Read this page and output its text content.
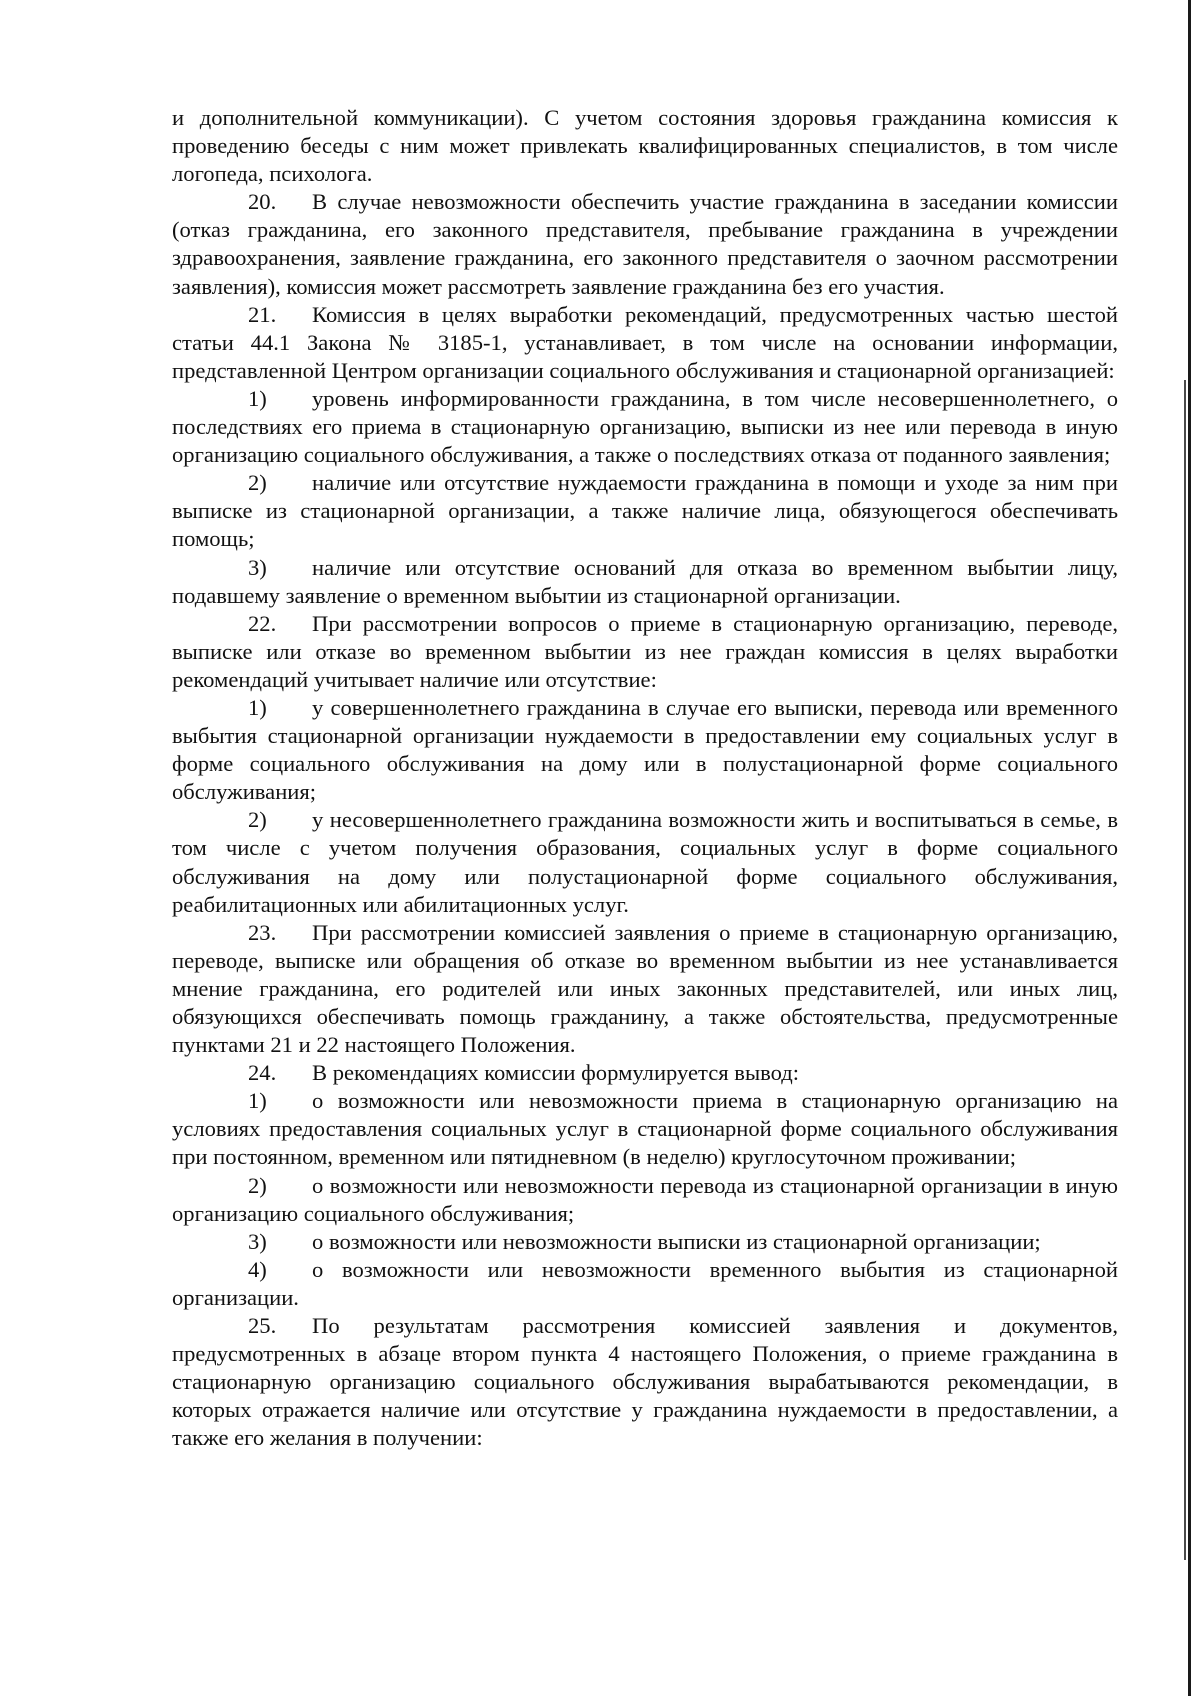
и дополнительной коммуникации). С учетом состояния здоровья гражданина комиссия к проведению беседы с ним может привлекать квалифицированных специалистов, в том числе логопеда, психолога.

20. В случае невозможности обеспечить участие гражданина в заседании комиссии (отказ гражданина, его законного представителя, пребывание гражданина в учреждении здравоохранения, заявление гражданина, его законного представителя о заочном рассмотрении заявления), комиссия может рассмотреть заявление гражданина без его участия.

21. Комиссия в целях выработки рекомендаций, предусмотренных частью шестой статьи 44.1 Закона № 3185-1, устанавливает, в том числе на основании информации, представленной Центром организации социального обслуживания и стационарной организацией:

1) уровень информированности гражданина, в том числе несовершеннолетнего, о последствиях его приема в стационарную организацию, выписки из нее или перевода в иную организацию социального обслуживания, а также о последствиях отказа от поданного заявления;

2) наличие или отсутствие нуждаемости гражданина в помощи и уходе за ним при выписке из стационарной организации, а также наличие лица, обязующегося обеспечивать помощь;

3) наличие или отсутствие оснований для отказа во временном выбытии лицу, подавшему заявление о временном выбытии из стационарной организации.

22. При рассмотрении вопросов о приеме в стационарную организацию, переводе, выписке или отказе во временном выбытии из нее граждан комиссия в целях выработки рекомендаций учитывает наличие или отсутствие:

1) у совершеннолетнего гражданина в случае его выписки, перевода или временного выбытия стационарной организации нуждаемости в предоставлении ему социальных услуг в форме социального обслуживания на дому или в полустационарной форме социального обслуживания;

2) у несовершеннолетнего гражданина возможности жить и воспитываться в семье, в том числе с учетом получения образования, социальных услуг в форме социального обслуживания на дому или полустационарной форме социального обслуживания, реабилитационных или абилитационных услуг.

23. При рассмотрении комиссией заявления о приеме в стационарную организацию, переводе, выписке или обращения об отказе во временном выбытии из нее устанавливается мнение гражданина, его родителей или иных законных представителей, или иных лиц, обязующихся обеспечивать помощь гражданину, а также обстоятельства, предусмотренные пунктами 21 и 22 настоящего Положения.

24. В рекомендациях комиссии формулируется вывод:

1) о возможности или невозможности приема в стационарную организацию на условиях предоставления социальных услуг в стационарной форме социального обслуживания при постоянном, временном или пятидневном (в неделю) круглосуточном проживании;

2) о возможности или невозможности перевода из стационарной организации в иную организацию социального обслуживания;

3) о возможности или невозможности выписки из стационарной организации;

4) о возможности или невозможности временного выбытия из стационарной организации.

25. По результатам рассмотрения комиссией заявления и документов, предусмотренных в абзаце втором пункта 4 настоящего Положения, о приеме гражданина в стационарную организацию социального обслуживания вырабатываются рекомендации, в которых отражается наличие или отсутствие у гражданина нуждаемости в предоставлении, а также его желания в получении:
